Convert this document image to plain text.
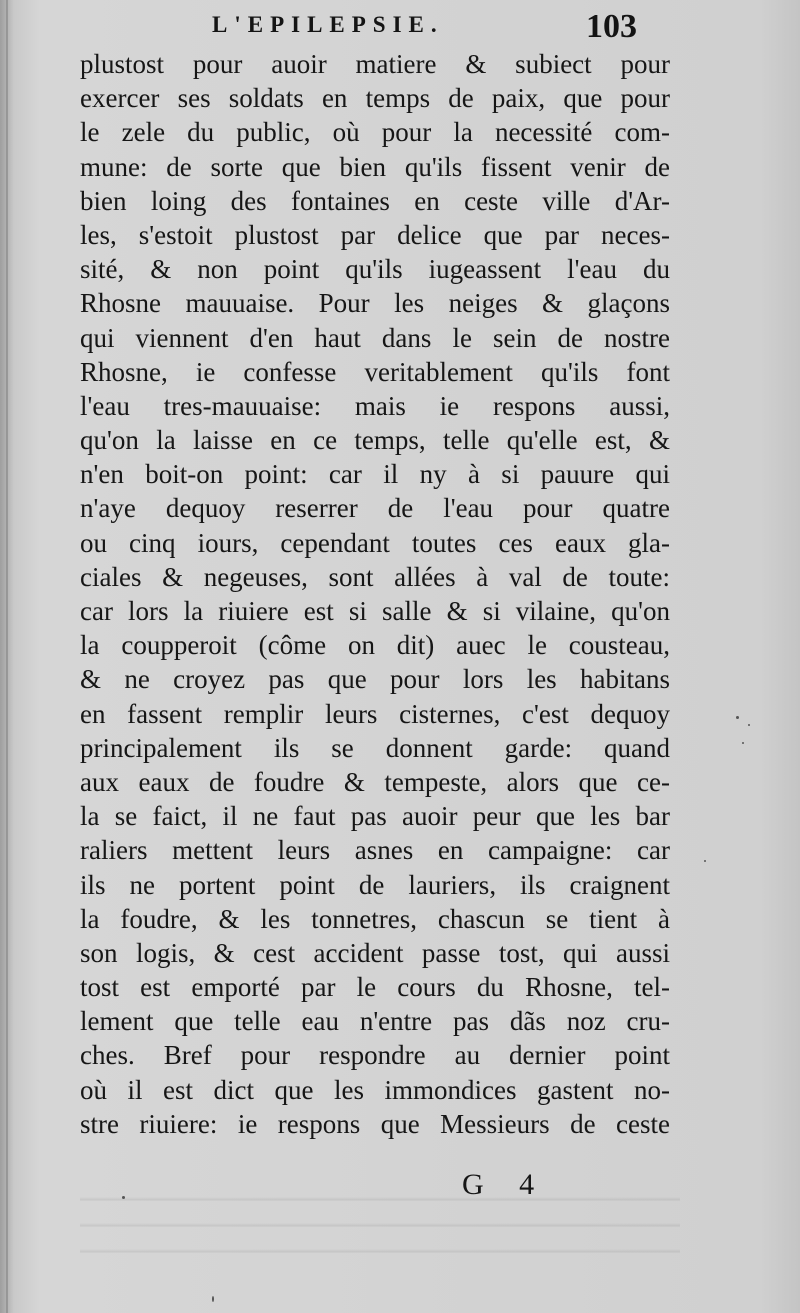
L'EPILEPSIE.	103
plustost pour auoir matiere & subiect pour
exercer ses soldats en temps de paix, que pour
le zele du public, où pour la necessité com-
mune: de sorte que bien qu'ils fissent venir de
bien loing des fontaines en ceste ville d'Ar-
les, s'estoit plustost par delice que par neces-
sité, & non point qu'ils iugeassent l'eau du
Rhosne mauuaise. Pour les neiges & glaçons
qui viennent d'en haut dans le sein de nostre
Rhosne, ie confesse veritablement qu'ils font
l'eau tres-mauuaise: mais ie respons aussi,
qu'on la laisse en ce temps, telle qu'elle est, &
n'en boit-on point: car il ny à si pauure qui
n'aye dequoy reserrer de l'eau pour quatre
ou cinq iours, cependant toutes ces eaux gla-
ciales & negeuses, sont allées à val de toute:
car lors la riuiere est si salle & si vilaine, qu'on
la coupperoit (côme on dit) auec le cousteau,
& ne croyez pas que pour lors les habitans
en fassent remplir leurs cisternes, c'est dequoy
principalement ils se donnent garde: quand
aux eaux de foudre & tempeste, alors que ce-
la se faict, il ne faut pas auoir peur que les bar
raliers mettent leurs asnes en campaigne: car
ils ne portent point de lauriers, ils craignent
la foudre, & les tonnetres, chascun se tient à
son logis, & cest accident passe tost, qui aussi
tost est emporté par le cours du Rhosne, tel-
lement que telle eau n'entre pas dãs noz cru-
ches. Bref pour respondre au dernier point
où il est dict que les immondices gastent no-
stre riuiere: ie respons que Messieurs de ceste
G 4
